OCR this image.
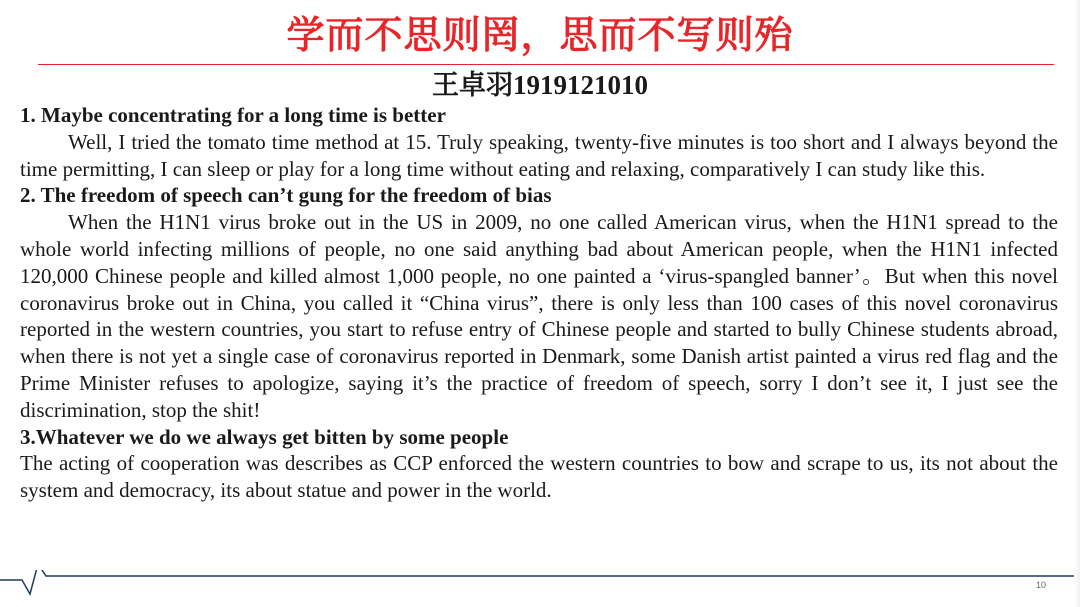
学而不思则罔，思而不写则殆
王卓羽1919121010

1. Maybe concentrating for a long time is better

Well, I tried the tomato time method at 15. Truly speaking, twenty-five minutes is too short and I always beyond the time permitting, I can sleep or play for a long time without eating and relaxing, comparatively I can study like this.

2. The freedom of speech can’t gung for the freedom of bias

When the H1N1 virus broke out in the US in 2009, no one called American virus, when the H1N1 spread to the whole world infecting millions of people, no one said anything bad about American people, when the H1N1 infected 120,000 Chinese people and killed almost 1,000 people, no one painted a ‘virus-spangled banner’。But when this novel coronavirus broke out in China, you called it “China virus”, there is only less than 100 cases of this novel coronavirus reported in the western countries, you start to refuse entry of Chinese people and started to bully Chinese students abroad, when there is not yet a single case of coronavirus reported in Denmark, some Danish artist painted a virus red flag and the Prime Minister refuses to apologize, saying it’s the practice of freedom of speech, sorry I don’t see it, I just see the discrimination, stop the shit!

3.Whatever we do we always get bitten by some people

The acting of cooperation was describes as CCP enforced the western countries to bow and scrape to us, its not about the system and democracy, its about statue and power in the world.

10
